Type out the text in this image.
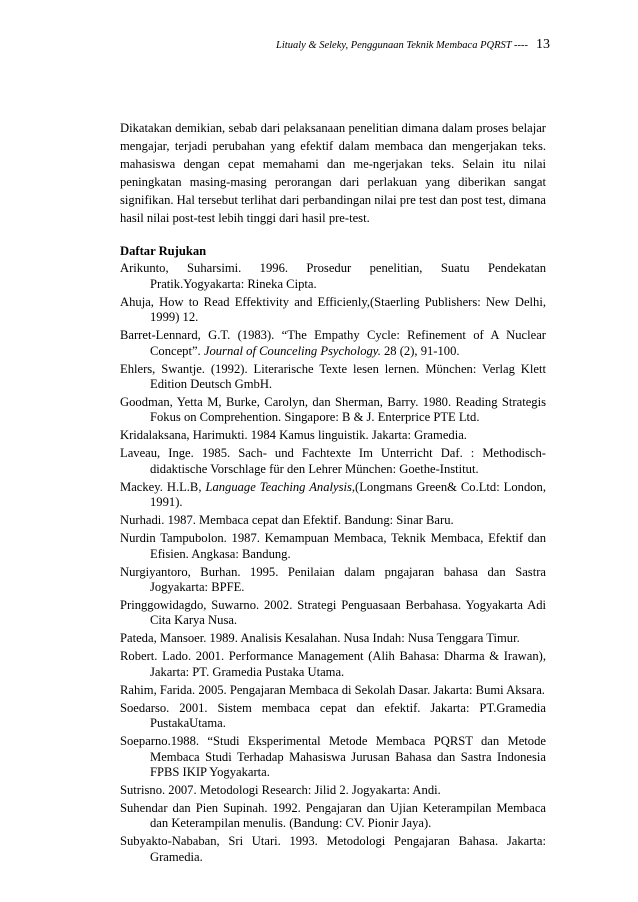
Litualy & Seleky, Penggunaan Teknik Membaca PQRST ---- 13

Dikatakan demikian, sebab dari pelaksanaan penelitian dimana dalam proses belajar mengajar, terjadi perubahan yang efektif dalam membaca dan mengerjakan teks. mahasiswa dengan cepat memahami dan me-ngerjakan teks. Selain itu nilai peningkatan masing-masing perorangan dari perlakuan yang diberikan sangat signifikan. Hal tersebut terlihat dari perbandingan nilai pre test dan post test, dimana hasil nilai post-test lebih tinggi dari hasil pre-test.

Daftar Rujukan
Arikunto, Suharsimi. 1996. Prosedur penelitian, Suatu Pendekatan Pratik.Yogyakarta: Rineka Cipta.
Ahuja, How to Read Effektivity and Efficienly,(Staerling Publishers: New Delhi, 1999) 12.
Barret-Lennard, G.T. (1983). “The Empathy Cycle: Refinement of A Nuclear Concept”. Journal of Counceling Psychology. 28 (2), 91-100.
Ehlers, Swantje. (1992). Literarische Texte lesen lernen. Mϋnchen: Verlag Klett Edition Deutsch GmbH.
Goodman, Yetta M, Burke, Carolyn, dan Sherman, Barry. 1980. Reading Strategis Fokus on Comprehention. Singapore: B & J. Enterprice PTE Ltd.
Kridalaksana, Harimukti. 1984 Kamus linguistik. Jakarta: Gramedia.
Laveau, Inge. 1985. Sach- und Fachtexte Im Unterricht Daf. : Methodisch-didaktische Vorschlage für den Lehrer München: Goethe-Institut.
Mackey. H.L.B, Language Teaching Analysis,(Longmans Green& Co.Ltd: London, 1991).
Nurhadi. 1987. Membaca cepat dan Efektif. Bandung: Sinar Baru.
Nurdin Tampubolon. 1987. Kemampuan Membaca, Teknik Membaca, Efektif dan Efisien. Angkasa: Bandung.
Nurgiyantoro, Burhan. 1995. Penilaian dalam pngajaran bahasa dan Sastra Jogyakarta: BPFE.
Pringgowidagdo, Suwarno. 2002. Strategi Penguasaan Berbahasa. Yogyakarta Adi Cita Karya Nusa.
Pateda, Mansoer. 1989. Analisis Kesalahan. Nusa Indah: Nusa Tenggara Timur.
Robert. Lado. 2001. Performance Management (Alih Bahasa: Dharma & Irawan), Jakarta: PT. Gramedia Pustaka Utama.
Rahim, Farida. 2005. Pengajaran Membaca di Sekolah Dasar. Jakarta: Bumi Aksara.
Soedarso. 2001. Sistem membaca cepat dan efektif. Jakarta: PT.Gramedia PustakaUtama.
Soeparno.1988. “Studi Eksperimental Metode Membaca PQRST dan Metode Membaca Studi Terhadap Mahasiswa Jurusan Bahasa dan Sastra Indonesia FPBS IKIP Yogyakarta.
Sutrisno. 2007. Metodologi Research: Jilid 2. Jogyakarta: Andi.
Suhendar dan Pien Supinah. 1992. Pengajaran dan Ujian Keterampilan Membaca dan Keterampilan menulis. (Bandung: CV. Pionir Jaya).
Subyakto-Nababan, Sri Utari. 1993. Metodologi Pengajaran Bahasa. Jakarta: Gramedia.
